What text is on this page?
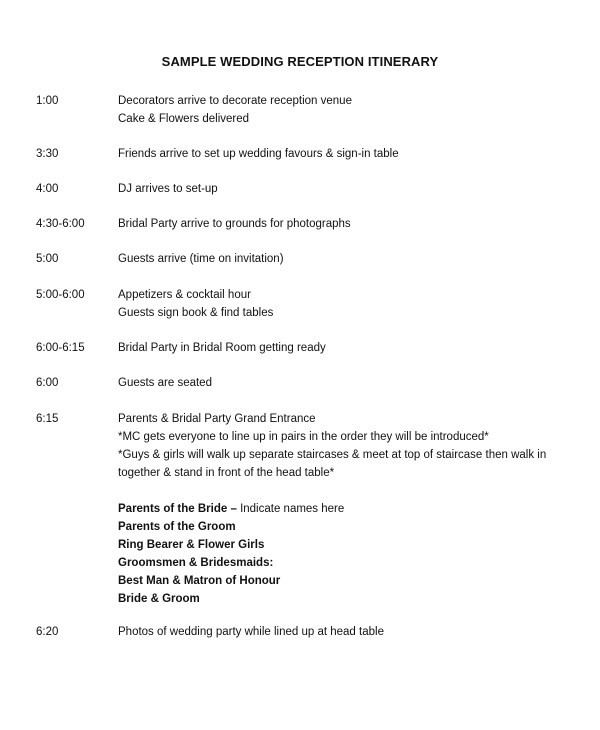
SAMPLE WEDDING RECEPTION ITINERARY
1:00	Decorators arrive to decorate reception venue
Cake & Flowers delivered
3:30	Friends arrive to set up wedding favours & sign-in table
4:00	DJ arrives to set-up
4:30-6:00	Bridal Party arrive to grounds for photographs
5:00	Guests arrive (time on invitation)
5:00-6:00	Appetizers & cocktail hour
Guests sign book & find tables
6:00-6:15	Bridal Party in Bridal Room getting ready
6:00	Guests are seated
6:15	Parents & Bridal Party Grand Entrance
*MC gets everyone to line up in pairs in the order they will be introduced*
*Guys & girls will walk up separate staircases & meet at top of staircase then walk in
together & stand in front of the head table*
Parents of the Bride – Indicate names here
Parents of the Groom
Ring Bearer & Flower Girls
Groomsmen & Bridesmaids:
Best Man & Matron of Honour
Bride & Groom
6:20	Photos of wedding party while lined up at head table
